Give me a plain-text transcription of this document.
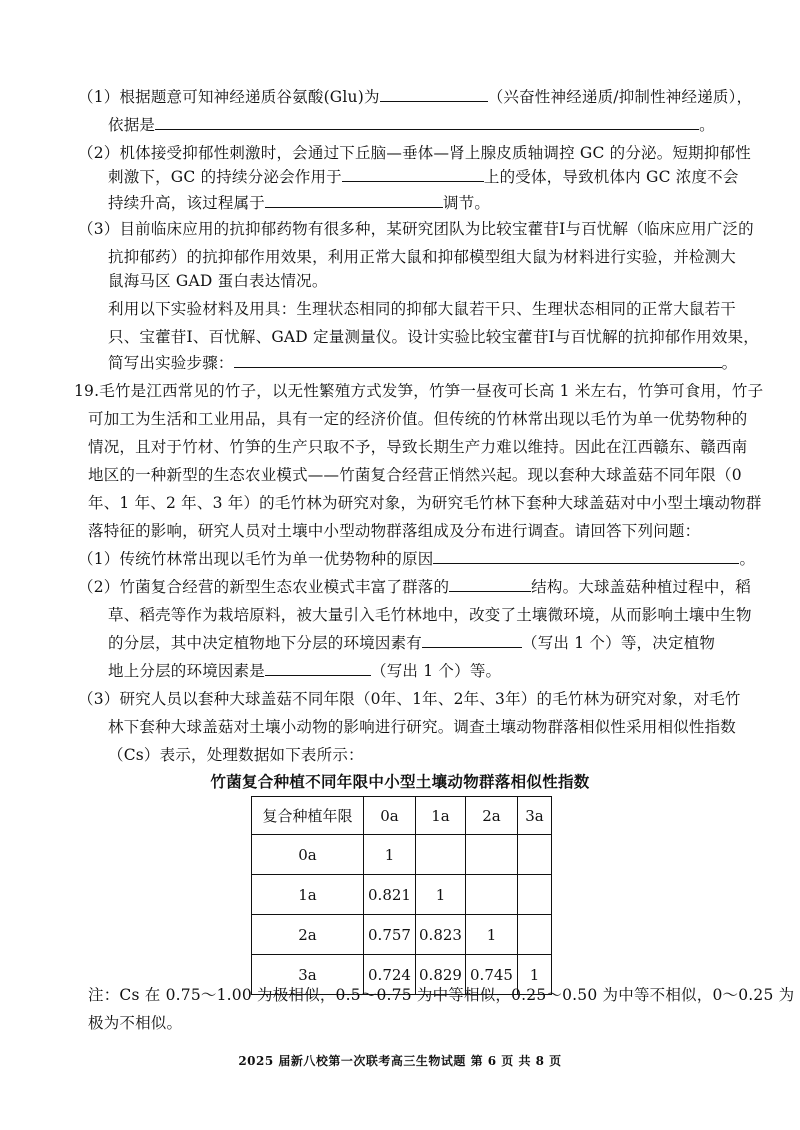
（1）根据题意可知神经递质谷氨酸(Glu)为	（兴奋性神经递质/抑制性神经递质），
依据是	。
（2）机体接受抑郁性刺激时，会通过下丘脑—垂体—肾上腺皮质轴调控 GC 的分泌。短期抑郁性
刺激下，GC 的持续分泌会作用于	上的受体，导致机体内 GC 浓度不会
持续升高，该过程属于	调节。
（3）目前临床应用的抗抑郁药物有很多种，某研究团队为比较宝藿苷Ⅰ与百忧解（临床应用广泛的
抗抑郁药）的抗抑郁作用效果，利用正常大鼠和抑郁模型组大鼠为材料进行实验，并检测大
鼠海马区 GAD 蛋白表达情况。
利用以下实验材料及用具：生理状态相同的抑郁大鼠若干只、生理状态相同的正常大鼠若干
只、宝藿苷Ⅰ、百忧解、GAD 定量测量仪。设计实验比较宝藿苷Ⅰ与百忧解的抗抑郁作用效果，
简写出实验步骤：	。
19.毛竹是江西常见的竹子，以无性繁殖方式发笋，竹笋一昼夜可长高 1 米左右，竹笋可食用，竹子
可加工为生活和工业用品，具有一定的经济价值。但传统的竹林常出现以毛竹为单一优势物种的
情况，且对于竹材、竹笋的生产只取不予，导致长期生产力难以维持。因此在江西赣东、赣西南
地区的一种新型的生态农业模式——竹菌复合经营正悄然兴起。现以套种大球盖菇不同年限（0
年、1 年、2 年、3 年）的毛竹林为研究对象，为研究毛竹林下套种大球盖菇对中小型土壤动物群
落特征的影响，研究人员对土壤中小型动物群落组成及分布进行调查。请回答下列问题：
（1）传统竹林常出现以毛竹为单一优势物种的原因	。
（2）竹菌复合经营的新型生态农业模式丰富了群落的	结构。大球盖菇种植过程中，稻
草、稻壳等作为栽培原料，被大量引入毛竹林地中，改变了土壤微环境，从而影响土壤中生物
的分层，其中决定植物地下分层的环境因素有	（写出 1 个）等，决定植物
地上分层的环境因素是	（写出 1 个）等。
（3）研究人员以套种大球盖菇不同年限（0年、1年、2年、3年）的毛竹林为研究对象，对毛竹
林下套种大球盖菇对土壤小动物的影响进行研究。调查土壤动物群落相似性采用相似性指数
竹菌复合种植不同年限中小型土壤动物群落相似性指数
复合种植年限	0a	1a	2a	3a
0a	1			
1a	0.821	1		
2a	0.757	0.823	1	
3a	0.724	0.829	0.745	1
注：Cs 在 0.75～1.00 为极相似，0.5～0.75 为中等相似，0.25～0.50 为中等不相似，0～0.25 为
极为不相似。
2025 届新八校第一次联考高三生物试题 第 6 页 共 8 页
（Cs）表示，处理数据如下表所示：
